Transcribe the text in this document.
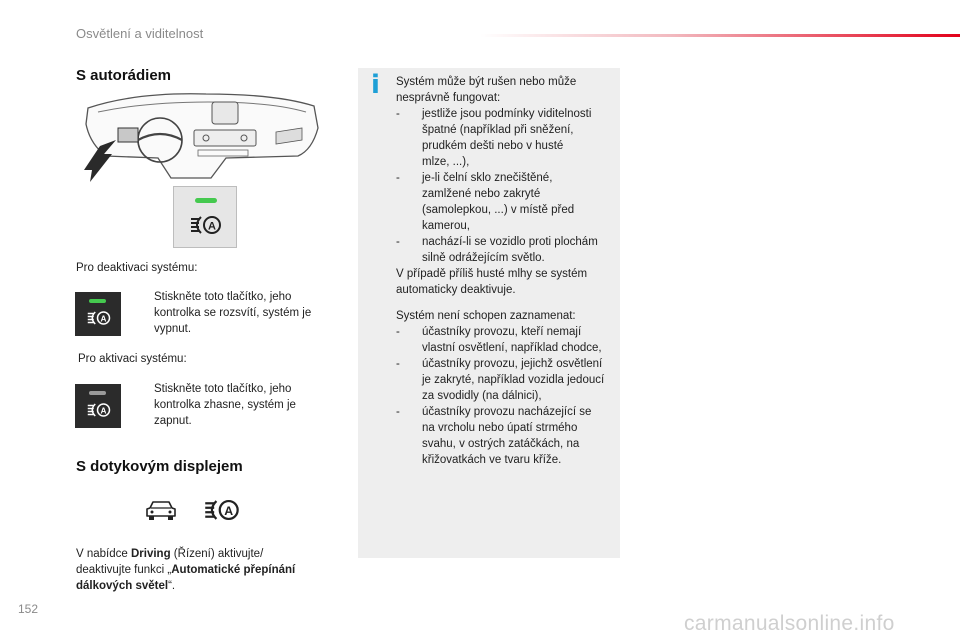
Osvětlení a viditelnost
S autorádiem
A
Pro deaktivaci systému:
A
Stiskněte toto tlačítko, jeho
kontrolka se rozsvítí, systém je
vypnut.
Pro aktivaci systému:
A
Stiskněte toto tlačítko, jeho
kontrolka zhasne, systém je
zapnut.
S dotykovým displejem
A
V nabídce Driving (Řízení) aktivujte/
deaktivujte funkci „Automatické přepínání
dálkových světel“.
i Systém může být rušen nebo může
nesprávně fungovat:
- jestliže jsou podmínky viditelnosti
špatné (například při sněžení,
prudkém dešti nebo v husté
mlze, ...),
- je-li čelní sklo znečištěné,
zamlžené nebo zakryté
(samolepkou, ...) v místě před
kamerou,
- nachází-li se vozidlo proti plochám
silně odrážejícím světlo.
V případě příliš husté mlhy se systém
automaticky deaktivuje.
Systém není schopen zaznamenat:
- účastníky provozu, kteří nemají
vlastní osvětlení, například chodce,
- účastníky provozu, jejichž osvětlení
je zakryté, například vozidla jedoucí
za svodidly (na dálnici),
- účastníky provozu nacházející se
na vrcholu nebo úpatí strmého
svahu, v ostrých zatáčkách, na
křižovatkách ve tvaru kříže.
152
carmanualsonline.info
